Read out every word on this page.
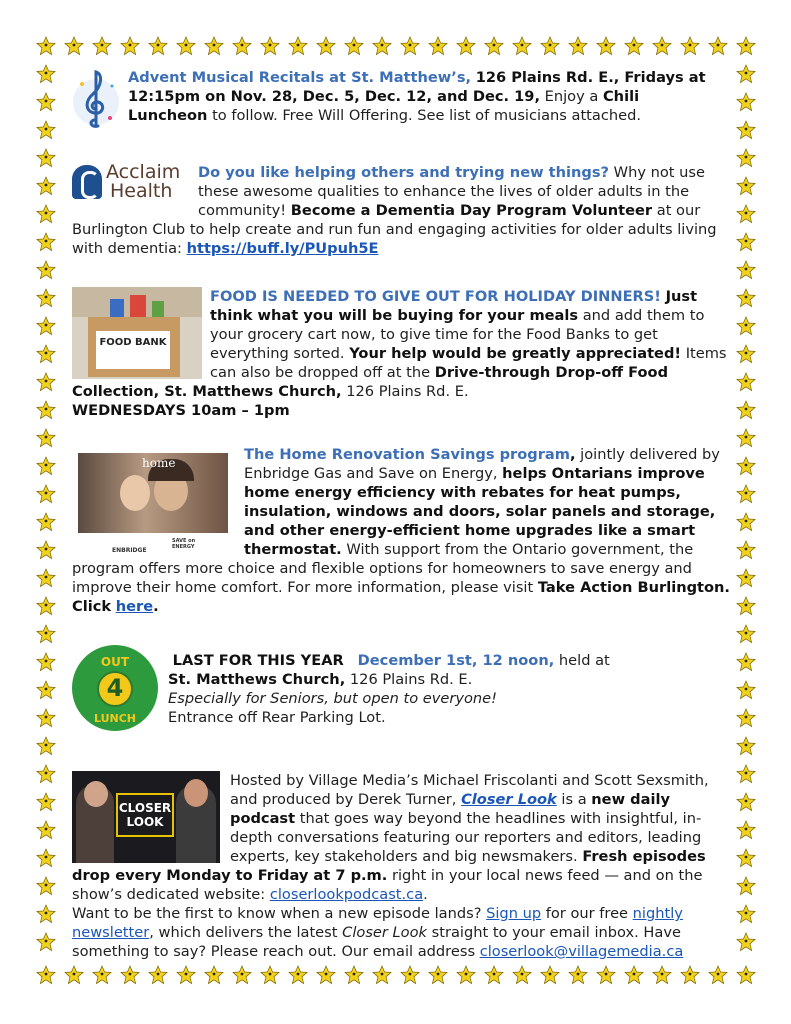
Advent Musical Recitals at St. Matthew’s, 126 Plains Rd. E., Fridays at 12:15pm on Nov. 28, Dec. 5, Dec. 12, and Dec. 19, Enjoy a Chili Luncheon to follow. Free Will Offering. See list of musicians attached.

Acclaim
Health

Do you like helping others and trying new things? Why not use these awesome qualities to enhance the lives of older adults in the community! Become a Dementia Day Program Volunteer at our Burlington Club to help create and run fun and engaging activities for older adults living with dementia: https://buff.ly/PUpuh5E

FOOD BANK

FOOD IS NEEDED TO GIVE OUT FOR HOLIDAY DINNERS! Just think what you will be buying for your meals and add them to your grocery cart now, to give time for the Food Banks to get everything sorted. Your help would be greatly appreciated! Items can also be dropped off at the Drive-through Drop-off Food Collection, St. Matthews Church, 126 Plains Rd. E.
WEDNESDAYS 10am – 1pm

home
ENBRIDGE
SAVE on ENERGY

The Home Renovation Savings program, jointly delivered by Enbridge Gas and Save on Energy, helps Ontarians improve home energy efficiency with rebates for heat pumps, insulation, windows and doors, solar panels and storage, and other energy-efficient home upgrades like a smart thermostat. With support from the Ontario government, the program offers more choice and flexible options for homeowners to save energy and improve their home comfort. For more information, please visit Take Action Burlington. Click here.

OUT
4
LUNCH

LAST FOR THIS YEAR December 1st, 12 noon, held at
St. Matthews Church, 126 Plains Rd. E.
Especially for Seniors, but open to everyone!
Entrance off Rear Parking Lot.

CLOSER
LOOK

Hosted by Village Media’s Michael Friscolanti and Scott Sexsmith, and produced by Derek Turner, Closer Look is a new daily podcast that goes way beyond the headlines with insightful, in-depth conversations featuring our reporters and editors, leading experts, key stakeholders and big newsmakers. Fresh episodes drop every Monday to Friday at 7 p.m. right in your local news feed — and on the show’s dedicated website: closerlookpodcast.ca.
Want to be the first to know when a new episode lands? Sign up for our free nightly newsletter, which delivers the latest Closer Look straight to your email inbox. Have something to say? Please reach out. Our email address closerlook@villagemedia.ca
